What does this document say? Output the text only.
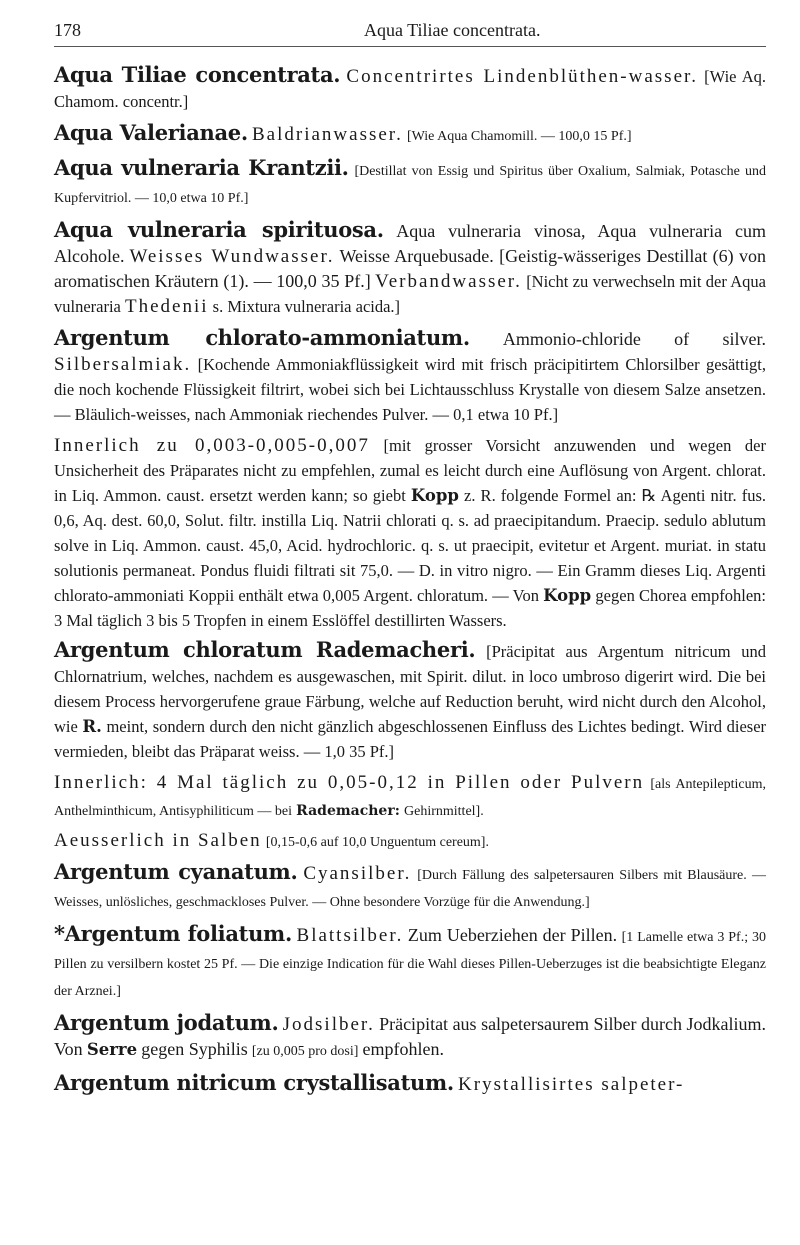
178	Aqua Tiliae concentrata.

Aqua Tiliae concentrata. Concentrirtes Lindenblüthen-wasser. [Wie Aq. Chamom. concentr.]

Aqua Valerianae. Baldrianwasser. [Wie Aqua Chamomill. — 100,0 15 Pf.]

Aqua vulneraria Krantzii. [Destillat von Essig und Spiritus über Oxalium, Salmiak, Potasche und Kupfervitriol. — 10,0 etwa 10 Pf.]

Aqua vulneraria spirituosa. Aqua vulneraria vinosa, Aqua vulneraria cum Alcohole. Weisses Wundwasser. Weisse Arquebusade. [Geistig-wässeriges Destillat (6) von aromatischen Kräutern (1). — 100,0 35 Pf.] Verbandwasser. [Nicht zu verwechseln mit der Aqua vulneraria Thedenii s. Mixtura vulneraria acida.]

Argentum chlorato-ammoniatum. Ammonio-chloride of silver. Silbersalmiak. [Kochende Ammoniakflüssigkeit wird mit frisch präcipitirtem Chlorsilber gesättigt, die noch kochende Flüssigkeit filtrirt, wobei sich bei Lichtausschluss Krystalle von diesem Salze ansetzen. — Bläulich-weisses, nach Ammoniak riechendes Pulver. — 0,1 etwa 10 Pf.]

Innerlich zu 0,003-0,005-0,007 [mit grosser Vorsicht anzuwenden und wegen der Unsicherheit des Präparates nicht zu empfehlen, zumal es leicht durch eine Auflösung von Argent. chlorat. in Liq. Ammon. caust. ersetzt werden kann; so giebt Kopp z. R. folgende Formel an: ℞ Agenti nitr. fus. 0,6, Aq. dest. 60,0, Solut. filtr. instilla Liq. Natrii chlorati q. s. ad praecipitandum. Praecip. sedulo ablutum solve in Liq. Ammon. caust. 45,0, Acid. hydrochloric. q. s. ut praecipit, evitetur et Argent. muriat. in statu solutionis permaneat. Pondus fluidi filtrati sit 75,0. — D. in vitro nigro. — Ein Gramm dieses Liq. Argenti chlorato-ammoniati Koppii enthält etwa 0,005 Argent. chloratum. — Von Kopp gegen Chorea empfohlen: 3 Mal täglich 3 bis 5 Tropfen in einem Esslöffel destillirten Wassers.

Argentum chloratum Rademacheri. [Präcipitat aus Argentum nitricum und Chlornatrium, welches, nachdem es ausgewaschen, mit Spirit. dilut. in loco umbroso digerirt wird. Die bei diesem Process hervorgerufene graue Färbung, welche auf Reduction beruht, wird nicht durch den Alcohol, wie R. meint, sondern durch den nicht gänzlich abgeschlossenen Einfluss des Lichtes bedingt. Wird dieser vermieden, bleibt das Präparat weiss. — 1,0 35 Pf.]

Innerlich: 4 Mal täglich zu 0,05-0,12 in Pillen oder Pulvern [als Antepilepticum, Anthelminthicum, Antisyphiliticum — bei Rademacher: Gehirnmittel].

Aeusserlich in Salben [0,15-0,6 auf 10,0 Unguentum cereum].

Argentum cyanatum. Cyansilber. [Durch Fällung des salpetersauren Silbers mit Blausäure. — Weisses, unlösliches, geschmackloses Pulver. — Ohne besondere Vorzüge für die Anwendung.]

*Argentum foliatum. Blattsilber. Zum Ueberziehen der Pillen. [1 Lamelle etwa 3 Pf.; 30 Pillen zu versilbern kostet 25 Pf. — Die einzige Indication für die Wahl dieses Pillen-Ueberzuges ist die beabsichtigte Eleganz der Arznei.]

Argentum jodatum. Jodsilber. Präcipitat aus salpetersaurem Silber durch Jodkalium. Von Serre gegen Syphilis [zu 0,005 pro dosi] empfohlen.

Argentum nitricum crystallisatum. Krystallisirtes salpeter-
